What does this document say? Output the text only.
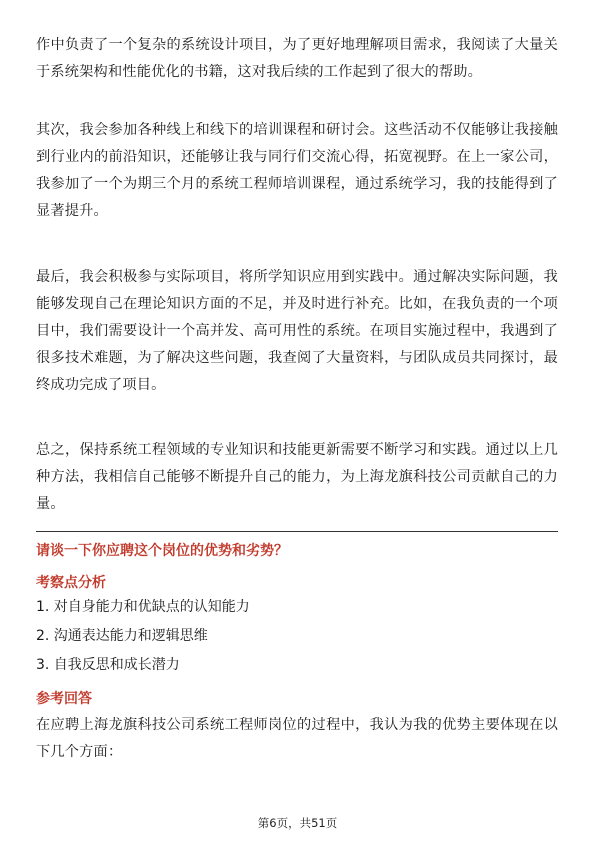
作中负责了一个复杂的系统设计项目，为了更好地理解项目需求，我阅读了大量关于系统架构和性能优化的书籍，这对我后续的工作起到了很大的帮助。

其次，我会参加各种线上和线下的培训课程和研讨会。这些活动不仅能够让我接触到行业内的前沿知识，还能够让我与同行们交流心得，拓宽视野。在上一家公司，我参加了一个为期三个月的系统工程师培训课程，通过系统学习，我的技能得到了显著提升。

最后，我会积极参与实际项目，将所学知识应用到实践中。通过解决实际问题，我能够发现自己在理论知识方面的不足，并及时进行补充。比如，在我负责的一个项目中，我们需要设计一个高并发、高可用性的系统。在项目实施过程中，我遇到了很多技术难题，为了解决这些问题，我查阅了大量资料，与团队成员共同探讨，最终成功完成了项目。

总之，保持系统工程领域的专业知识和技能更新需要不断学习和实践。通过以上几种方法，我相信自己能够不断提升自己的能力，为上海龙旗科技公司贡献自己的力量。

请谈一下你应聘这个岗位的优势和劣势？

考察点分析

1. 对自身能力和优缺点的认知能力
2. 沟通表达能力和逻辑思维
3. 自我反思和成长潜力

参考回答

在应聘上海龙旗科技公司系统工程师岗位的过程中，我认为我的优势主要体现在以下几个方面：

第6页，共51页
